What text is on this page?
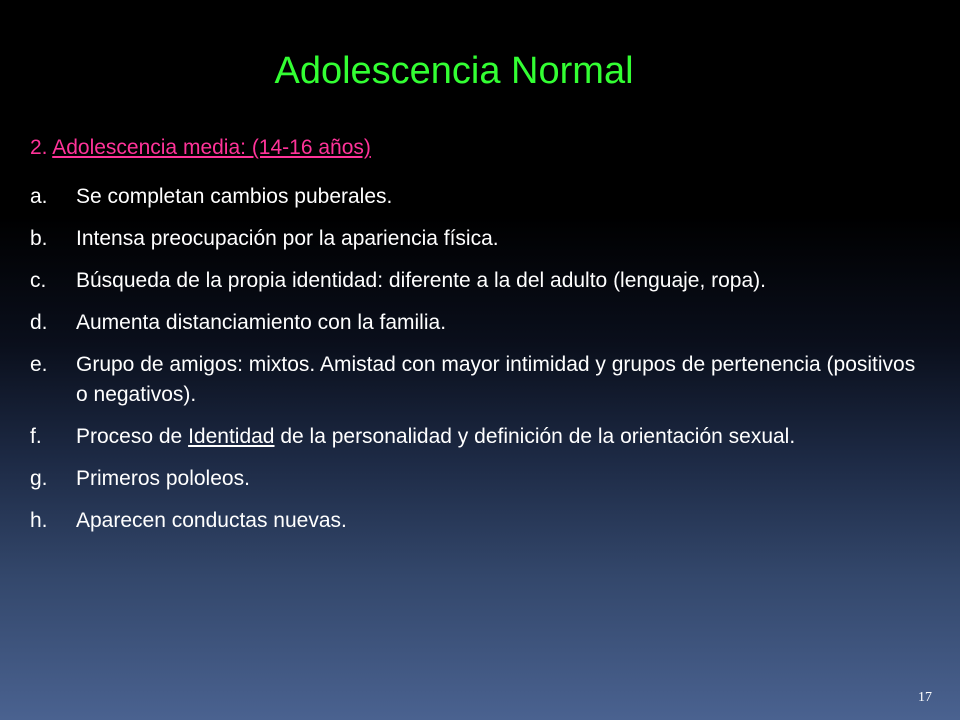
Adolescencia Normal

2. Adolescencia media: (14-16 años)

a.	Se completan cambios puberales.
b.	Intensa preocupación por la apariencia física.
c.	Búsqueda de la propia identidad: diferente a la del adulto (lenguaje, ropa).
d.	Aumenta distanciamiento con la familia.
e.	Grupo de amigos: mixtos. Amistad con mayor intimidad y grupos de pertenencia (positivos o negativos).
f.	Proceso de Identidad de la personalidad y definición de la orientación sexual.
g.	Primeros pololeos.
h.	Aparecen conductas nuevas.
17
